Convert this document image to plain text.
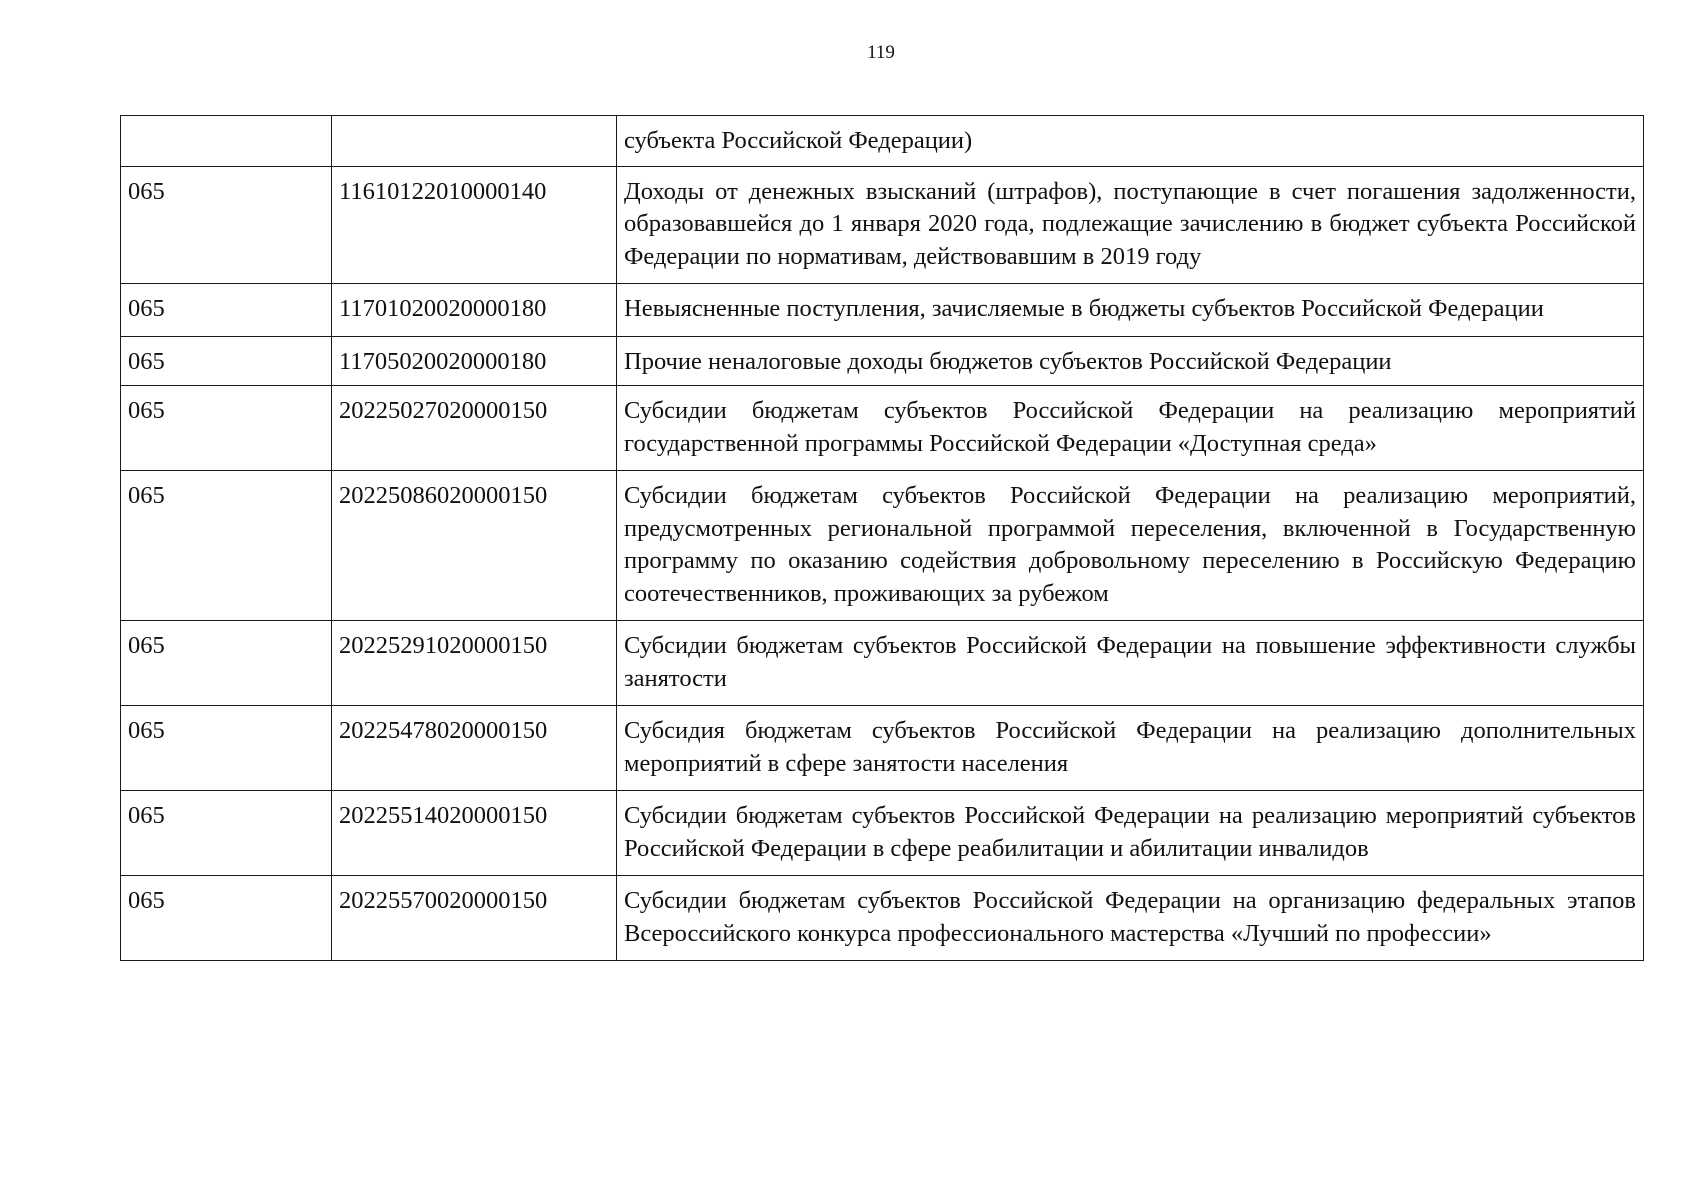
119
		субъекта Российской Федерации)
065	11610122010000140	Доходы от денежных взысканий (штрафов), поступающие в счет погашения задолженности, образовавшейся до 1 января 2020 года, подлежащие зачислению в бюджет субъекта Российской Федерации по нормативам, действовавшим в 2019 году
065	11701020020000180	Невыясненные поступления, зачисляемые в бюджеты субъектов Российской Федерации
065	11705020020000180	Прочие неналоговые доходы бюджетов субъектов Российской Федерации
065	20225027020000150	Субсидии бюджетам субъектов Российской Федерации на реализацию мероприятий государственной программы Российской Федерации «Доступная среда»
065	20225086020000150	Субсидии бюджетам субъектов Российской Федерации на реализацию мероприятий, предусмотренных региональной программой переселения, включенной в Государственную программу по оказанию содействия добровольному переселению в Российскую Федерацию соотечественников, проживающих за рубежом
065	20225291020000150	Субсидии бюджетам субъектов Российской Федерации на повышение эффективности службы занятости
065	20225478020000150	Субсидия бюджетам субъектов Российской Федерации на реализацию дополнительных мероприятий в сфере занятости населения
065	20225514020000150	Субсидии бюджетам субъектов Российской Федерации на реализацию мероприятий субъектов Российской Федерации в сфере реабилитации и абилитации инвалидов
065	20225570020000150	Субсидии бюджетам субъектов Российской Федерации на организацию федеральных этапов Всероссийского конкурса профессионального мастерства «Лучший по профессии»
